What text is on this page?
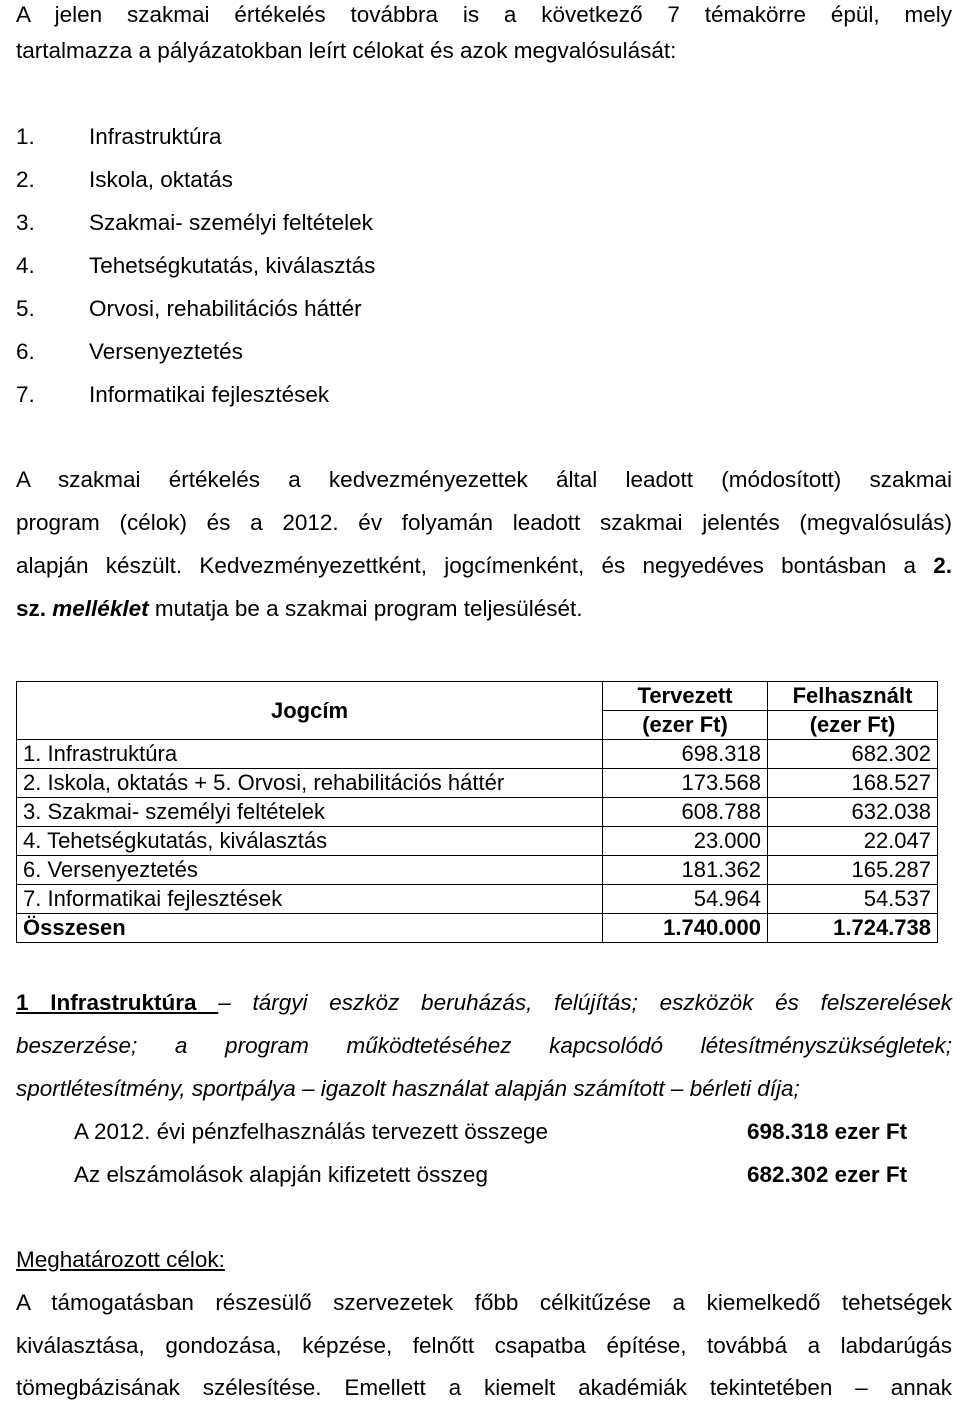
A jelen szakmai értékelés továbbra is a következő 7 témakörre épül, mely
tartalmazza a pályázatokban leírt célokat és azok megvalósulását:
1. Infrastruktúra
2. Iskola, oktatás
3. Szakmai- személyi feltételek
4. Tehetségkutatás, kiválasztás
5. Orvosi, rehabilitációs háttér
6. Versenyeztetés
7. Informatikai fejlesztések
A szakmai értékelés a kedvezményezettek által leadott (módosított) szakmai
program (célok) és a 2012. év folyamán leadott szakmai jelentés (megvalósulás)
alapján készült. Kedvezményezettként, jogcímenként, és negyedéves bontásban a 2.
sz. melléklet mutatja be a szakmai program teljesülését.
Jogcím	Tervezett	Felhasznált
	(ezer Ft)	(ezer Ft)
1. Infrastruktúra	698.318	682.302
2. Iskola, oktatás + 5. Orvosi, rehabilitációs háttér	173.568	168.527
3. Szakmai- személyi feltételek	608.788	632.038
4. Tehetségkutatás, kiválasztás	23.000	22.047
6. Versenyeztetés	181.362	165.287
7. Informatikai fejlesztések	54.964	54.537
Összesen	1.740.000	1.724.738
1 Infrastruktúra – tárgyi eszköz beruházás, felújítás; eszközök és felszerelések
beszerzése; a program működtetéséhez kapcsolódó létesítményszükségletek;
sportlétesítmény, sportpálya – igazolt használat alapján számított – bérleti díja;
A 2012. évi pénzfelhasználás tervezett összege	698.318 ezer Ft
Az elszámolások alapján kifizetett összeg	682.302 ezer Ft
Meghatározott célok:
A támogatásban részesülő szervezetek főbb célkitűzése a kiemelkedő tehetségek
kiválasztása, gondozása, képzése, felnőtt csapatba építése, továbbá a labdarúgás
tömegbázisának szélesítése. Emellett a kiemelt akadémiák tekintetében – annak
